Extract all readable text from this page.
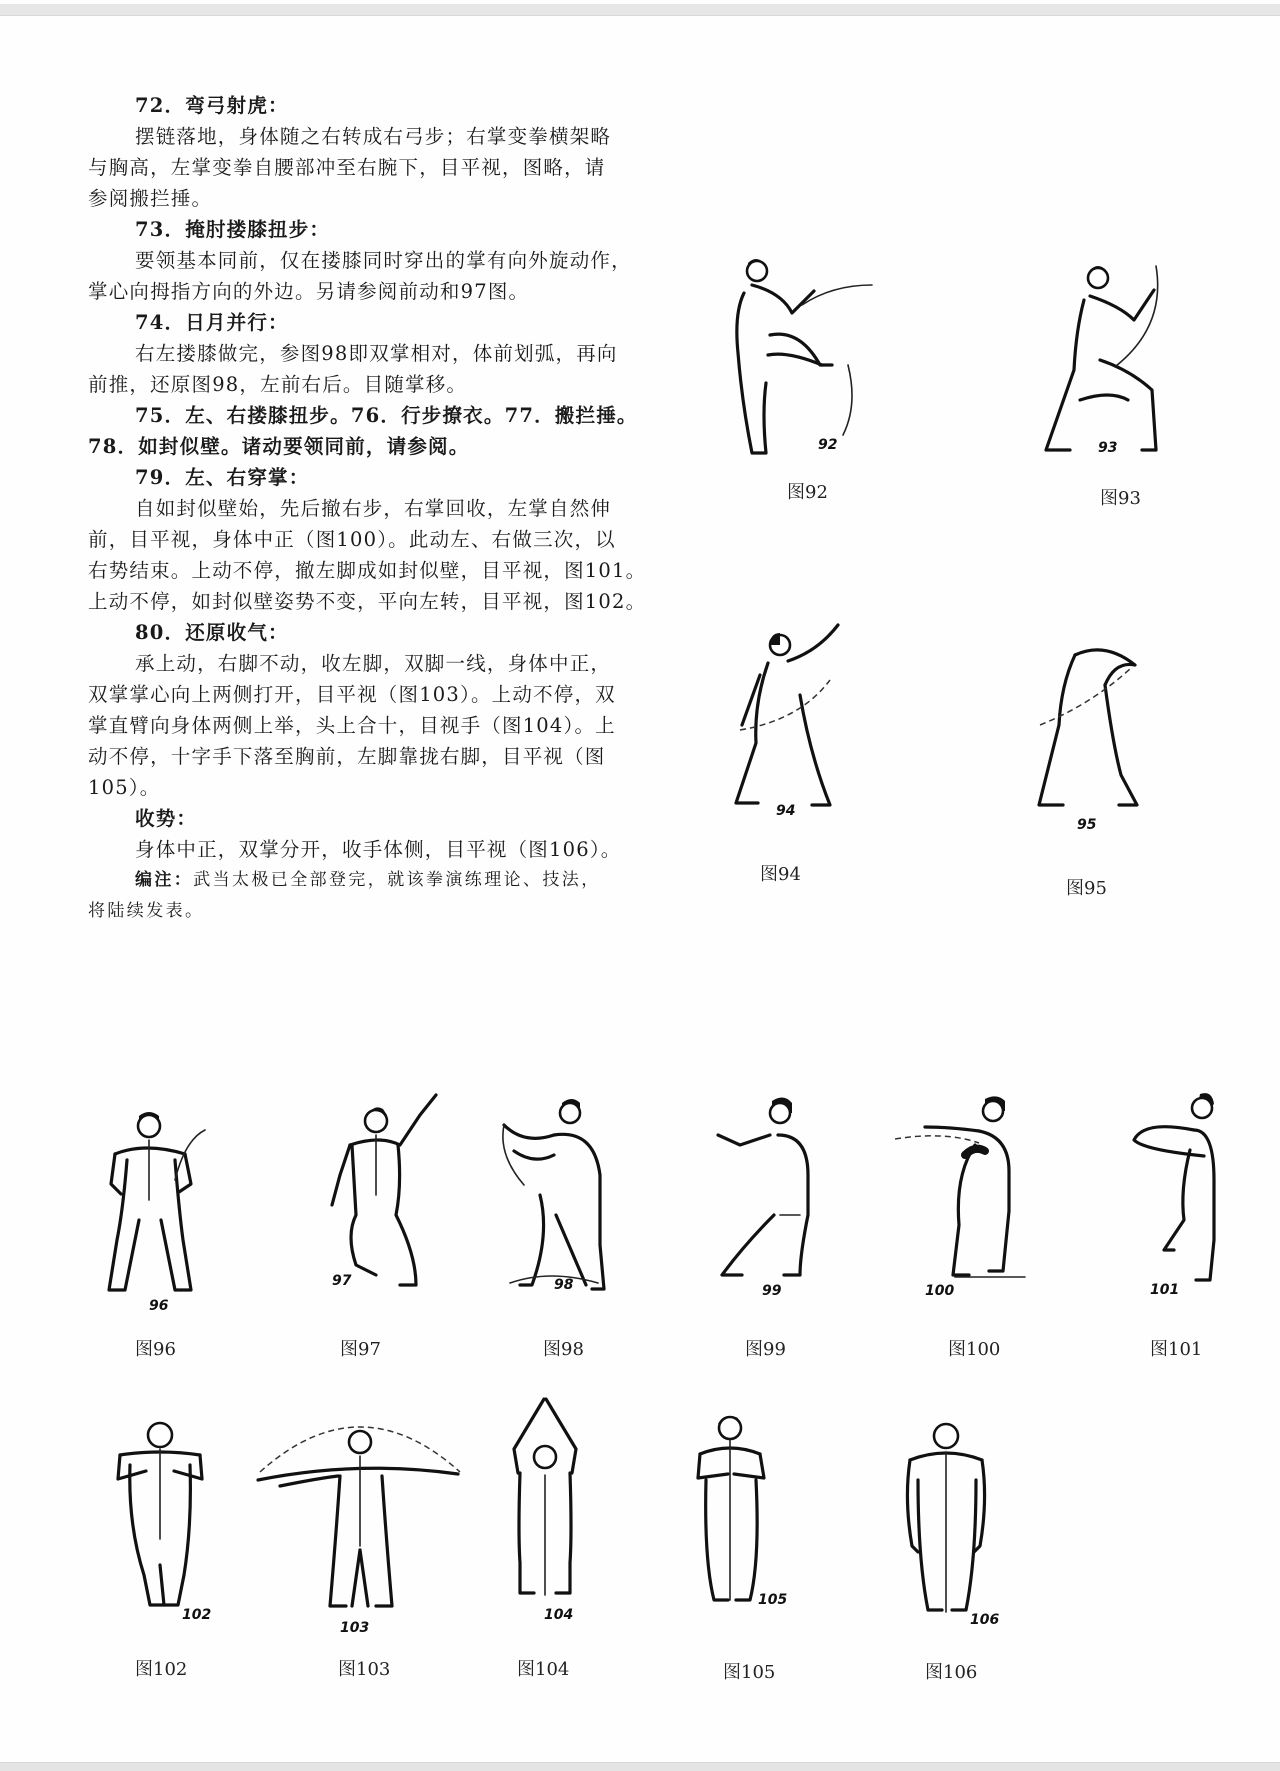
72．弯弓射虎：
摆链落地，身体随之右转成右弓步；右掌变拳横架略
与胸高，左掌变拳自腰部冲至右腕下，目平视，图略，请
参阅搬拦捶。
73．掩肘搂膝扭步：
要领基本同前，仅在搂膝同时穿出的掌有向外旋动作，
掌心向拇指方向的外边。另请参阅前动和97图。
74．日月并行：
右左搂膝做完，参图98即双掌相对，体前划弧，再向
前推，还原图98，左前右后。目随掌移。
75．左、右搂膝扭步。76．行步撩衣。77．搬拦捶。
78．如封似壁。诸动要领同前，请参阅。
79．左、右穿掌：
自如封似壁始，先后撤右步，右掌回收，左掌自然伸
前，目平视，身体中正（图100）。此动左、右做三次，以
右势结束。上动不停，撤左脚成如封似壁，目平视，图101。
上动不停，如封似壁姿势不变，平向左转，目平视，图102。
80．还原收气：
承上动，右脚不动，收左脚，双脚一线，身体中正，
双掌掌心向上两侧打开，目平视（图103）。上动不停，双
掌直臂向身体两侧上举，头上合十，目视手（图104）。上
动不停，十字手下落至胸前，左脚靠拢右脚，目平视（图
105）。
收势：
身体中正，双掌分开，收手体侧，目平视（图106）。
编注：武当太极已全部登完，就该拳演练理论、技法，
将陆续发表。
92
图92
93
图93
94
图94
95
图95
96
图96
97
图97
98
图98
99
图99
100
图100
101
图101
102
图102
103
图103
104
图104
105
图105
106
图106
